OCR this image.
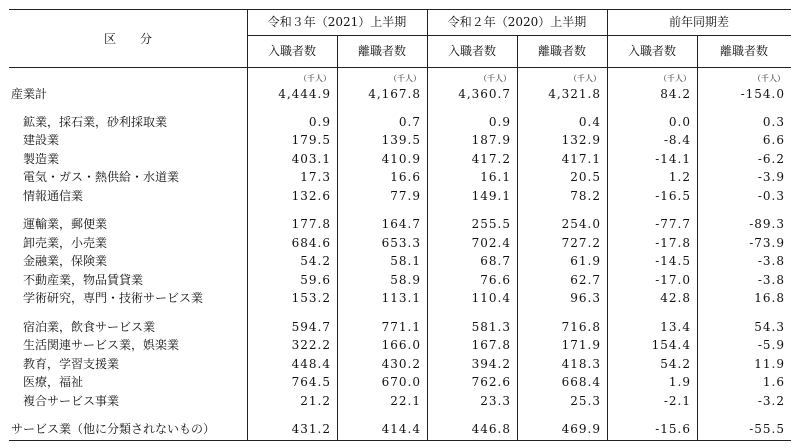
区　　分
令和３年（2021）上半期	令和２年（2020）上半期	前年同期差
入職者数	離職者数	入職者数	離職者数	入職者数	離職者数
（千人）	（千人）	（千人）	（千人）	（千人）	（千人）
産業計	4,444.9	4,167.8	4,360.7	4,321.8	84.2	-154.0
鉱業，採石業，砂利採取業	0.9	0.7	0.9	0.4	0.0	0.3
建設業	179.5	139.5	187.9	132.9	-8.4	6.6
製造業	403.1	410.9	417.2	417.1	-14.1	-6.2
電気・ガス・熱供給・水道業	17.3	16.6	16.1	20.5	1.2	-3.9
情報通信業	132.6	77.9	149.1	78.2	-16.5	-0.3
運輸業，郵便業	177.8	164.7	255.5	254.0	-77.7	-89.3
卸売業，小売業	684.6	653.3	702.4	727.2	-17.8	-73.9
金融業，保険業	54.2	58.1	68.7	61.9	-14.5	-3.8
不動産業，物品賃貸業	59.6	58.9	76.6	62.7	-17.0	-3.8
学術研究，専門・技術サービス業	153.2	113.1	110.4	96.3	42.8	16.8
宿泊業，飲食サービス業	594.7	771.1	581.3	716.8	13.4	54.3
生活関連サービス業，娯楽業	322.2	166.0	167.8	171.9	154.4	-5.9
教育，学習支援業	448.4	430.2	394.2	418.3	54.2	11.9
医療，福祉	764.5	670.0	762.6	668.4	1.9	1.6
複合サービス事業	21.2	22.1	23.3	25.3	-2.1	-3.2
サービス業（他に分類されないもの）	431.2	414.4	446.8	469.9	-15.6	-55.5
